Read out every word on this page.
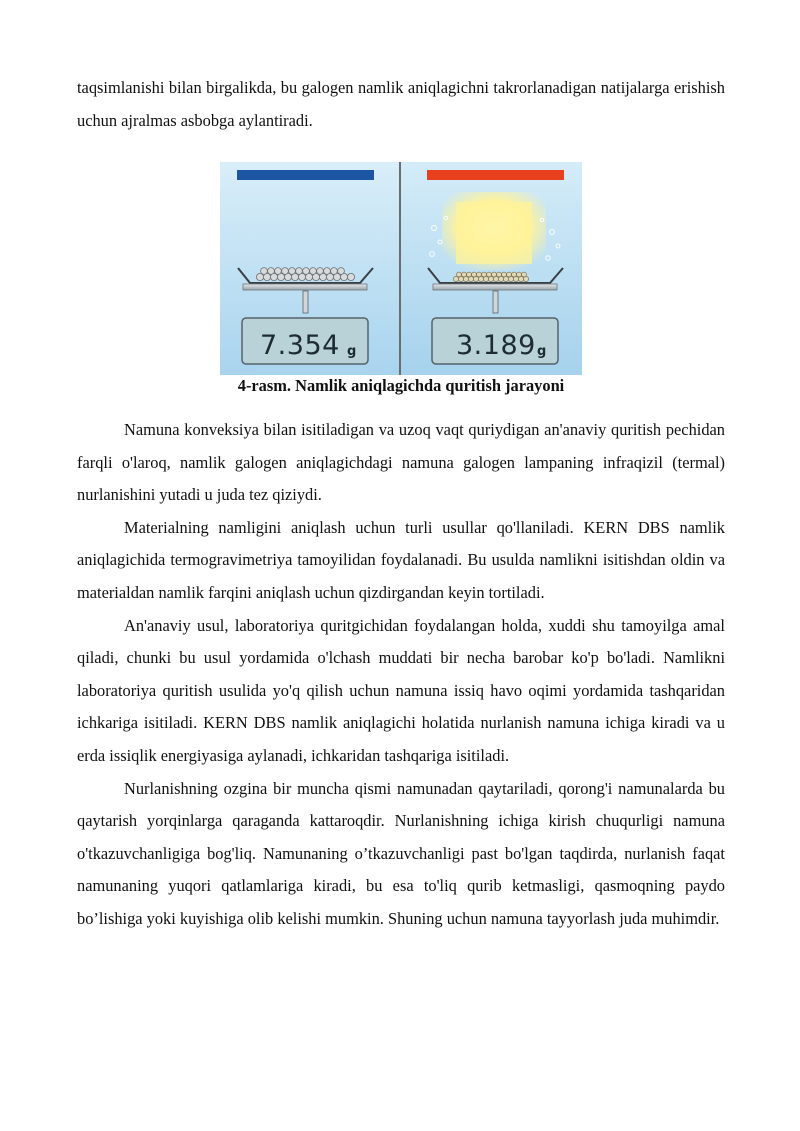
taqsimlanishi bilan birgalikda, bu galogen namlik aniqlagichni takrorlanadigan natijalarga erishish uchun ajralmas asbobga aylantiradi.

7.354 g	3.189 g
4-rasm. Namlik aniqlagichda quritish jarayoni

Namuna konveksiya bilan isitiladigan va uzoq vaqt quriydigan an'anaviy quritish pechidan farqli o'laroq, namlik galogen aniqlagichdagi namuna galogen lampaning infraqizil (termal) nurlanishini yutadi u juda tez qiziydi.

Materialning namligini aniqlash uchun turli usullar qo'llaniladi. KERN DBS namlik aniqlagichida termogravimetriya tamoyilidan foydalanadi. Bu usulda namlikni isitishdan oldin va materialdan namlik farqini aniqlash uchun qizdirgandan keyin tortiladi.

An'anaviy usul, laboratoriya quritgichidan foydalangan holda, xuddi shu tamoyilga amal qiladi, chunki bu usul yordamida o'lchash muddati bir necha barobar ko'p bo'ladi. Namlikni laboratoriya quritish usulida yo'q qilish uchun namuna issiq havo oqimi yordamida tashqaridan ichkariga isitiladi. KERN DBS namlik aniqlagichi holatida nurlanish namuna ichiga kiradi va u erda issiqlik energiyasiga aylanadi, ichkaridan tashqariga isitiladi.

Nurlanishning ozgina bir muncha qismi namunadan qaytariladi, qorong'i namunalarda bu qaytarish yorqinlarga qaraganda kattaroqdir. Nurlanishning ichiga kirish chuqurligi namuna o'tkazuvchanligiga bog'liq. Namunaning o’tkazuvchanligi past bo'lgan taqdirda, nurlanish faqat namunaning yuqori qatlamlariga kiradi, bu esa to'liq qurib ketmasligi, qasmoqning paydo bo’lishiga yoki kuyishiga olib kelishi mumkin. Shuning uchun namuna tayyorlash juda muhimdir.
